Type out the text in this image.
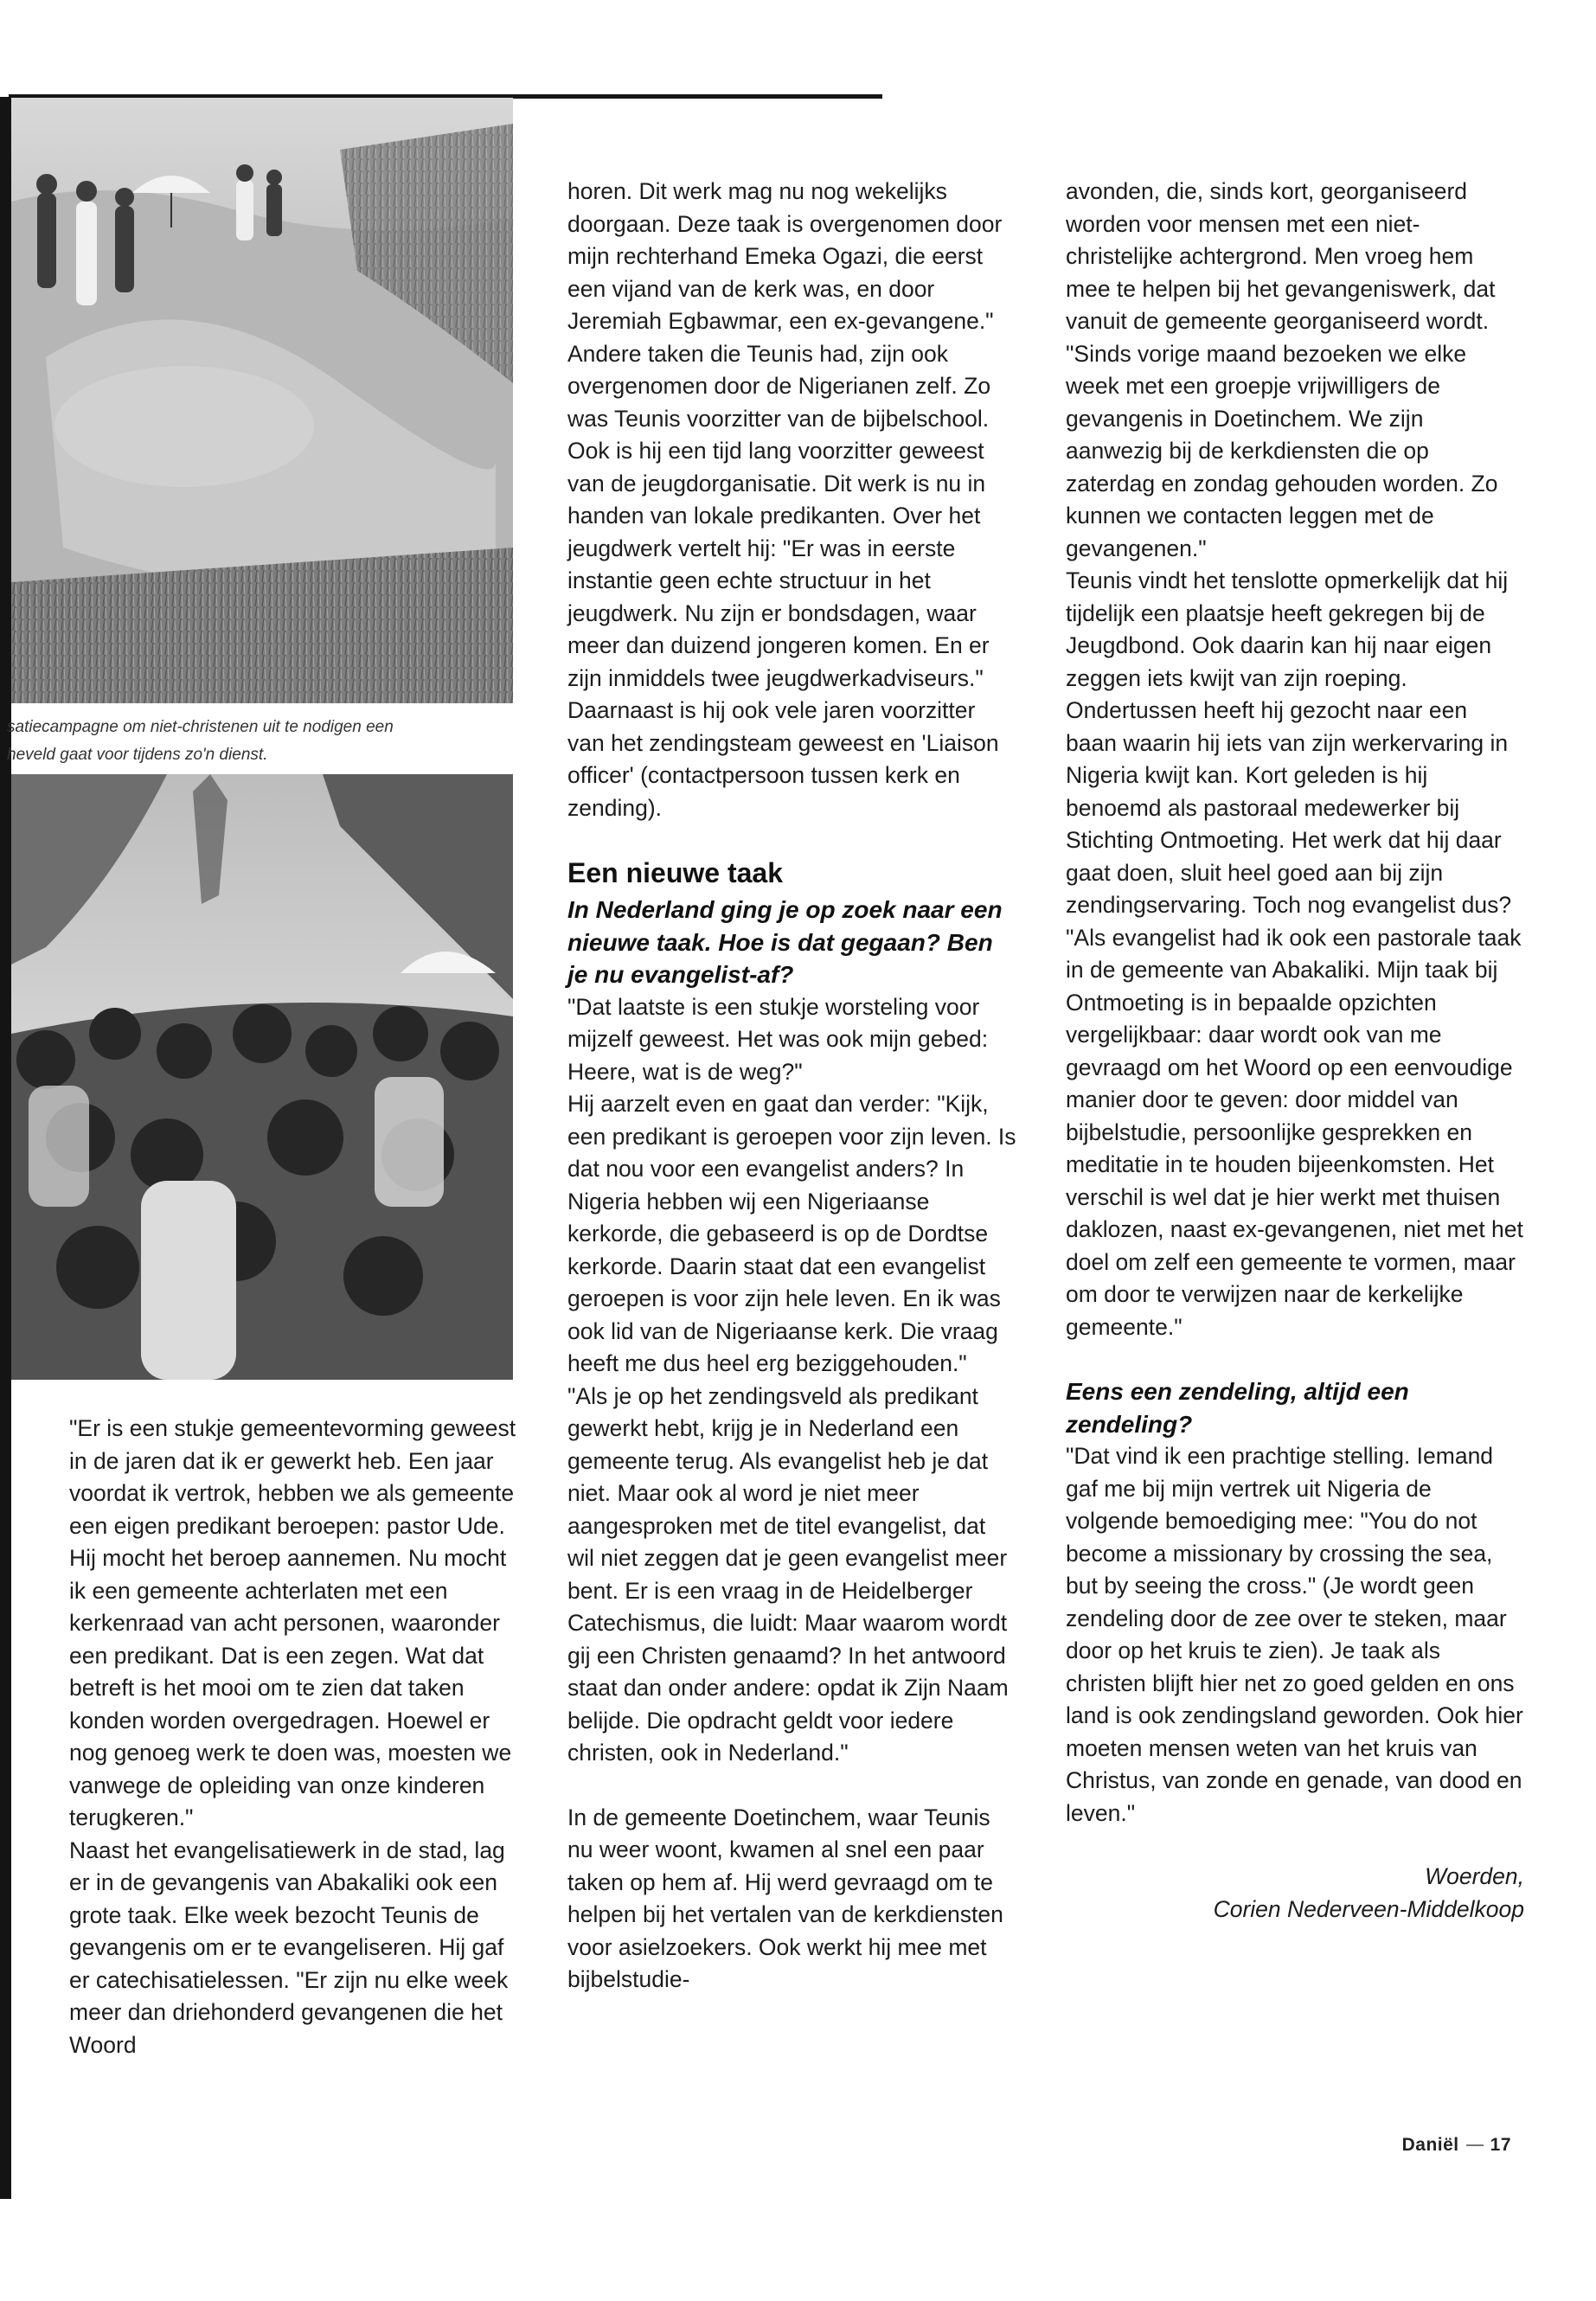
satiecampagne om niet-christenen uit te nodigen een
heveld gaat voor tijdens zo'n dienst.

"Er is een stukje gemeentevorming geweest in de jaren dat ik er gewerkt heb. Een jaar voordat ik vertrok, hebben we als gemeente een eigen predikant beroepen: pastor Ude. Hij mocht het beroep aannemen. Nu mocht ik een gemeente achterlaten met een kerkenraad van acht personen, waaronder een predikant. Dat is een zegen. Wat dat betreft is het mooi om te zien dat taken konden worden overgedragen. Hoewel er nog genoeg werk te doen was, moesten we vanwege de opleiding van onze kinderen terugkeren."

Naast het evangelisatiewerk in de stad, lag er in de gevangenis van Abakaliki ook een grote taak. Elke week bezocht Teunis de gevangenis om er te evangeliseren. Hij gaf er catechisatielessen. "Er zijn nu elke week meer dan driehonderd gevangenen die het Woord

horen. Dit werk mag nu nog wekelijks doorgaan. Deze taak is overgenomen door mijn rechterhand Emeka Ogazi, die eerst een vijand van de kerk was, en door Jeremiah Egbawmar, een ex-gevangene."

Andere taken die Teunis had, zijn ook overgenomen door de Nigerianen zelf. Zo was Teunis voorzitter van de bijbelschool. Ook is hij een tijd lang voorzitter geweest van de jeugdorganisatie. Dit werk is nu in handen van lokale predikanten. Over het jeugdwerk vertelt hij: "Er was in eerste instantie geen echte structuur in het jeugdwerk. Nu zijn er bondsdagen, waar meer dan duizend jongeren komen. En er zijn inmiddels twee jeugdwerkadviseurs."

Daarnaast is hij ook vele jaren voorzitter van het zendingsteam geweest en 'Liaison officer' (contactpersoon tussen kerk en zending).

Een nieuwe taak
In Nederland ging je op zoek naar een nieuwe taak. Hoe is dat gegaan? Ben je nu evangelist-af?

"Dat laatste is een stukje worsteling voor mijzelf geweest. Het was ook mijn gebed: Heere, wat is de weg?"

Hij aarzelt even en gaat dan verder: "Kijk, een predikant is geroepen voor zijn leven. Is dat nou voor een evangelist anders? In Nigeria hebben wij een Nigeriaanse kerkorde, die gebaseerd is op de Dordtse kerkorde. Daarin staat dat een evangelist geroepen is voor zijn hele leven. En ik was ook lid van de Nigeriaanse kerk. Die vraag heeft me dus heel erg beziggehouden."

"Als je op het zendingsveld als predikant gewerkt hebt, krijg je in Nederland een gemeente terug. Als evangelist heb je dat niet. Maar ook al word je niet meer aangesproken met de titel evangelist, dat wil niet zeggen dat je geen evangelist meer bent. Er is een vraag in de Heidelberger Catechismus, die luidt: Maar waarom wordt gij een Christen genaamd? In het antwoord staat dan onder andere: opdat ik Zijn Naam belijde. Die opdracht geldt voor iedere christen, ook in Nederland."

In de gemeente Doetinchem, waar Teunis nu weer woont, kwamen al snel een paar taken op hem af. Hij werd gevraagd om te helpen bij het vertalen van de kerkdiensten voor asielzoekers. Ook werkt hij mee met bijbelstudie-

avonden, die, sinds kort, georganiseerd worden voor mensen met een niet-christelijke achtergrond. Men vroeg hem mee te helpen bij het gevangeniswerk, dat vanuit de gemeente georganiseerd wordt.

"Sinds vorige maand bezoeken we elke week met een groepje vrijwilligers de gevangenis in Doetinchem. We zijn aanwezig bij de kerkdiensten die op zaterdag en zondag gehouden worden. Zo kunnen we contacten leggen met de gevangenen."

Teunis vindt het tenslotte opmerkelijk dat hij tijdelijk een plaatsje heeft gekregen bij de Jeugdbond. Ook daarin kan hij naar eigen zeggen iets kwijt van zijn roeping.

Ondertussen heeft hij gezocht naar een baan waarin hij iets van zijn werkervaring in Nigeria kwijt kan. Kort geleden is hij benoemd als pastoraal medewerker bij Stichting Ontmoeting. Het werk dat hij daar gaat doen, sluit heel goed aan bij zijn zendingservaring. Toch nog evangelist dus?

"Als evangelist had ik ook een pastorale taak in de gemeente van Abakaliki. Mijn taak bij Ontmoeting is in bepaalde opzichten vergelijkbaar: daar wordt ook van me gevraagd om het Woord op een eenvoudige manier door te geven: door middel van bijbelstudie, persoonlijke gesprekken en meditatie in te houden bijeenkomsten. Het verschil is wel dat je hier werkt met thuisen daklozen, naast ex-gevangenen, niet met het doel om zelf een gemeente te vormen, maar om door te verwijzen naar de kerkelijke gemeente."

Eens een zendeling, altijd een zendeling?

"Dat vind ik een prachtige stelling. Iemand gaf me bij mijn vertrek uit Nigeria de volgende bemoediging mee: "You do not become a missionary by crossing the sea, but by seeing the cross." (Je wordt geen zendeling door de zee over te steken, maar door op het kruis te zien). Je taak als christen blijft hier net zo goed gelden en ons land is ook zendingsland geworden. Ook hier moeten mensen weten van het kruis van Christus, van zonde en genade, van dood en leven."

Woerden,
Corien Nederveen-Middelkoop
Daniël 17
